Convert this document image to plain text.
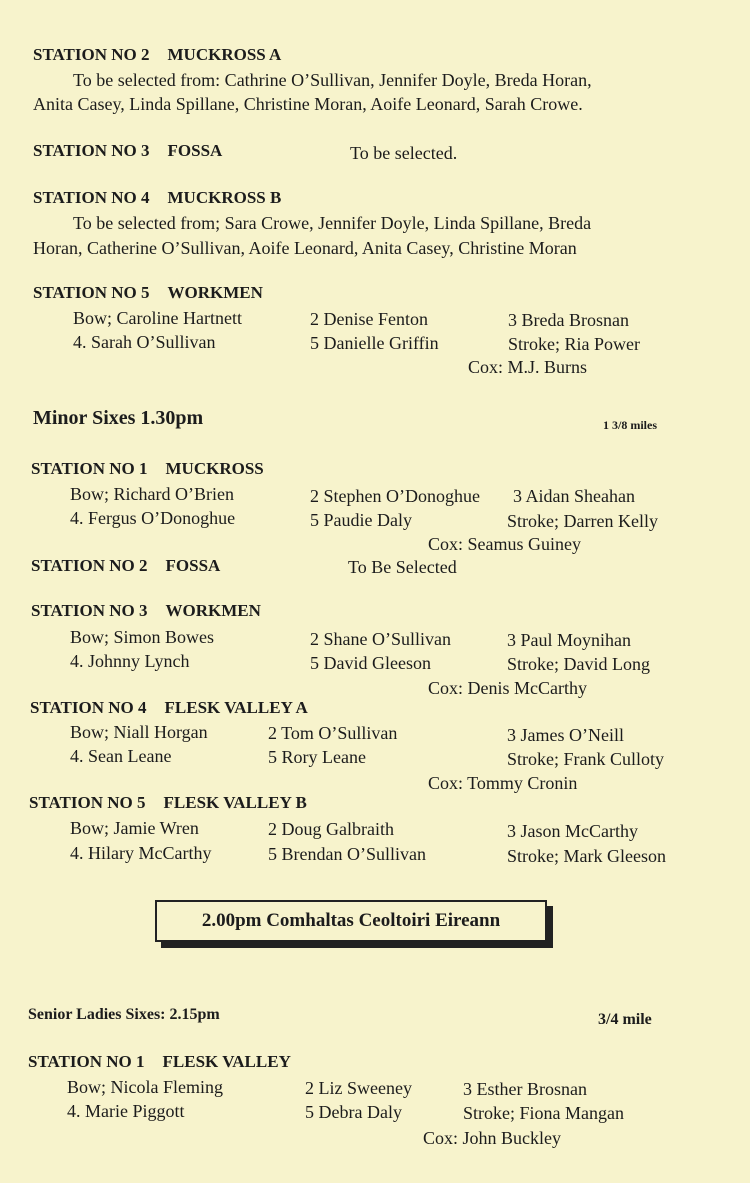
STATION NO 2 MUCKROSS A
To be selected from: Cathrine O’Sullivan, Jennifer Doyle, Breda Horan,
Anita Casey, Linda Spillane, Christine Moran, Aoife Leonard, Sarah Crowe.
STATION NO 3 FOSSA	To be selected.
STATION NO 4 MUCKROSS B
To be selected from; Sara Crowe, Jennifer Doyle, Linda Spillane, Breda
Horan, Catherine O’Sullivan, Aoife Leonard, Anita Casey, Christine Moran
STATION NO 5 WORKMEN
Bow; Caroline Hartnett	2 Denise Fenton	3 Breda Brosnan
4. Sarah O’Sullivan	5 Danielle Griffin	Stroke; Ria Power
Cox: M.J. Burns
Minor Sixes 1.30pm	1 3/8 miles
STATION NO 1 MUCKROSS
Bow; Richard O’Brien	2 Stephen O’Donoghue 3 Aidan Sheahan
4. Fergus O’Donoghue	5 Paudie Daly	Stroke; Darren Kelly
Cox: Seamus Guiney
STATION NO 2 FOSSA	To Be Selected
STATION NO 3 WORKMEN
Bow; Simon Bowes	2 Shane O’Sullivan	3 Paul Moynihan
4. Johnny Lynch	5 David Gleeson	Stroke; David Long
Cox: Denis McCarthy
STATION NO 4 FLESK VALLEY A
Bow; Niall Horgan	2 Tom O’Sullivan	3 James O’Neill
4. Sean Leane	5 Rory Leane	Stroke; Frank Culloty
Cox: Tommy Cronin
STATION NO 5 FLESK VALLEY B
Bow; Jamie Wren	2 Doug Galbraith	3 Jason McCarthy
4. Hilary McCarthy	5 Brendan O’Sullivan	Stroke; Mark Gleeson
2.00pm Comhaltas Ceoltoiri Eireann
Senior Ladies Sixes: 2.15pm	3/4 mile
STATION NO 1 FLESK VALLEY
Bow; Nicola Fleming	2 Liz Sweeney	3 Esther Brosnan
4. Marie Piggott	5 Debra Daly	Stroke; Fiona Mangan
Cox: John Buckley
